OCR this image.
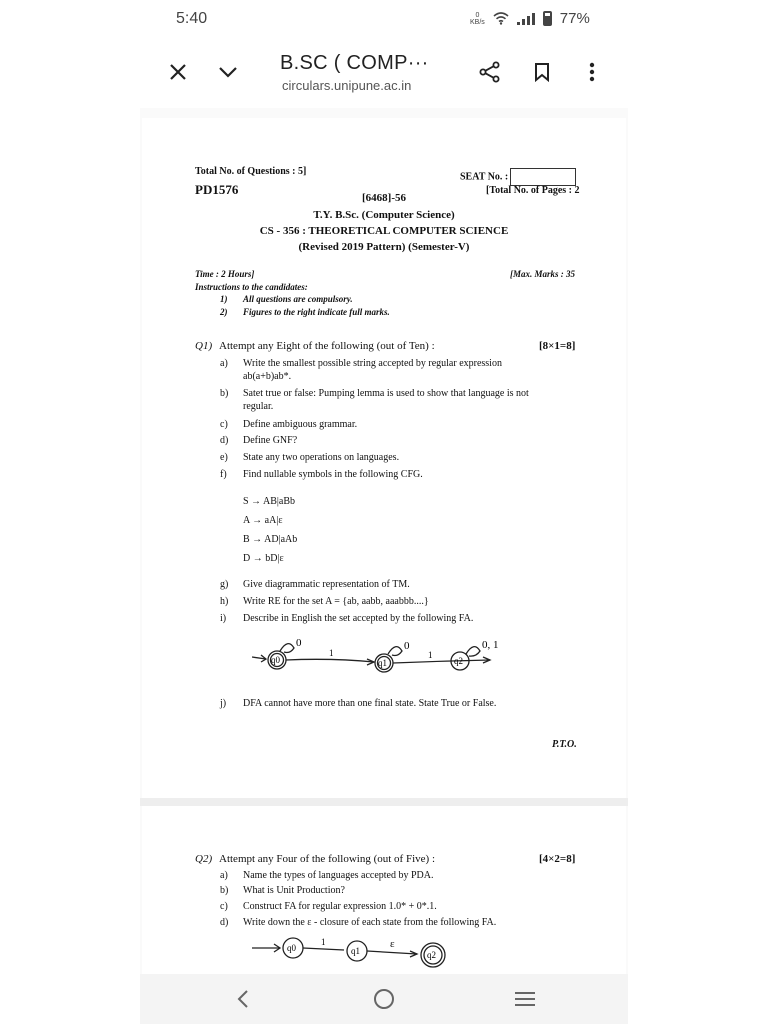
5:40	0
KB/s	77%
B.SC ( COMP···
circulars.unipune.ac.in
Total No. of Questions : 5]	SEAT No. :
PD1576	[Total No. of Pages : 2
[6468]-56
T.Y. B.Sc. (Computer Science)
CS - 356 : THEORETICAL COMPUTER SCIENCE
(Revised 2019 Pattern) (Semester-V)
Time : 2 Hours]	[Max. Marks : 35
Instructions to the candidates:
1) All questions are compulsory.
2) Figures to the right indicate full marks.
Q1) Attempt any Eight of the following (out of Ten) :	[8×1=8]
a) Write the smallest possible string accepted by regular expression
ab(a+b)ab*.
b) Satet true or false: Pumping lemma is used to show that language is not
regular.
c) Define ambiguous grammar.
d) Define GNF?
e) State any two operations on languages.
f) Find nullable symbols in the following CFG.
S → AB|aBb
A → aA|ε
B → AD|aAb
D → bD|ε
g) Give diagrammatic representation of TM.
h) Write RE for the set A = {ab, aabb, aaabbb....}
i) Describe in English the set accepted by the following FA.
q0	q1	q2
0	0	0, 1
1	1
j) DFA cannot have more than one final state. State True or False.
P.T.O.
Q2) Attempt any Four of the following (out of Five) :	[4×2=8]
a) Name the types of languages accepted by PDA.
b) What is Unit Production?
c) Construct FA for regular expression 1.0* + 0*.1.
d) Write down the ε - closure of each state from the following FA.
q0	q1	q2
1	ε
